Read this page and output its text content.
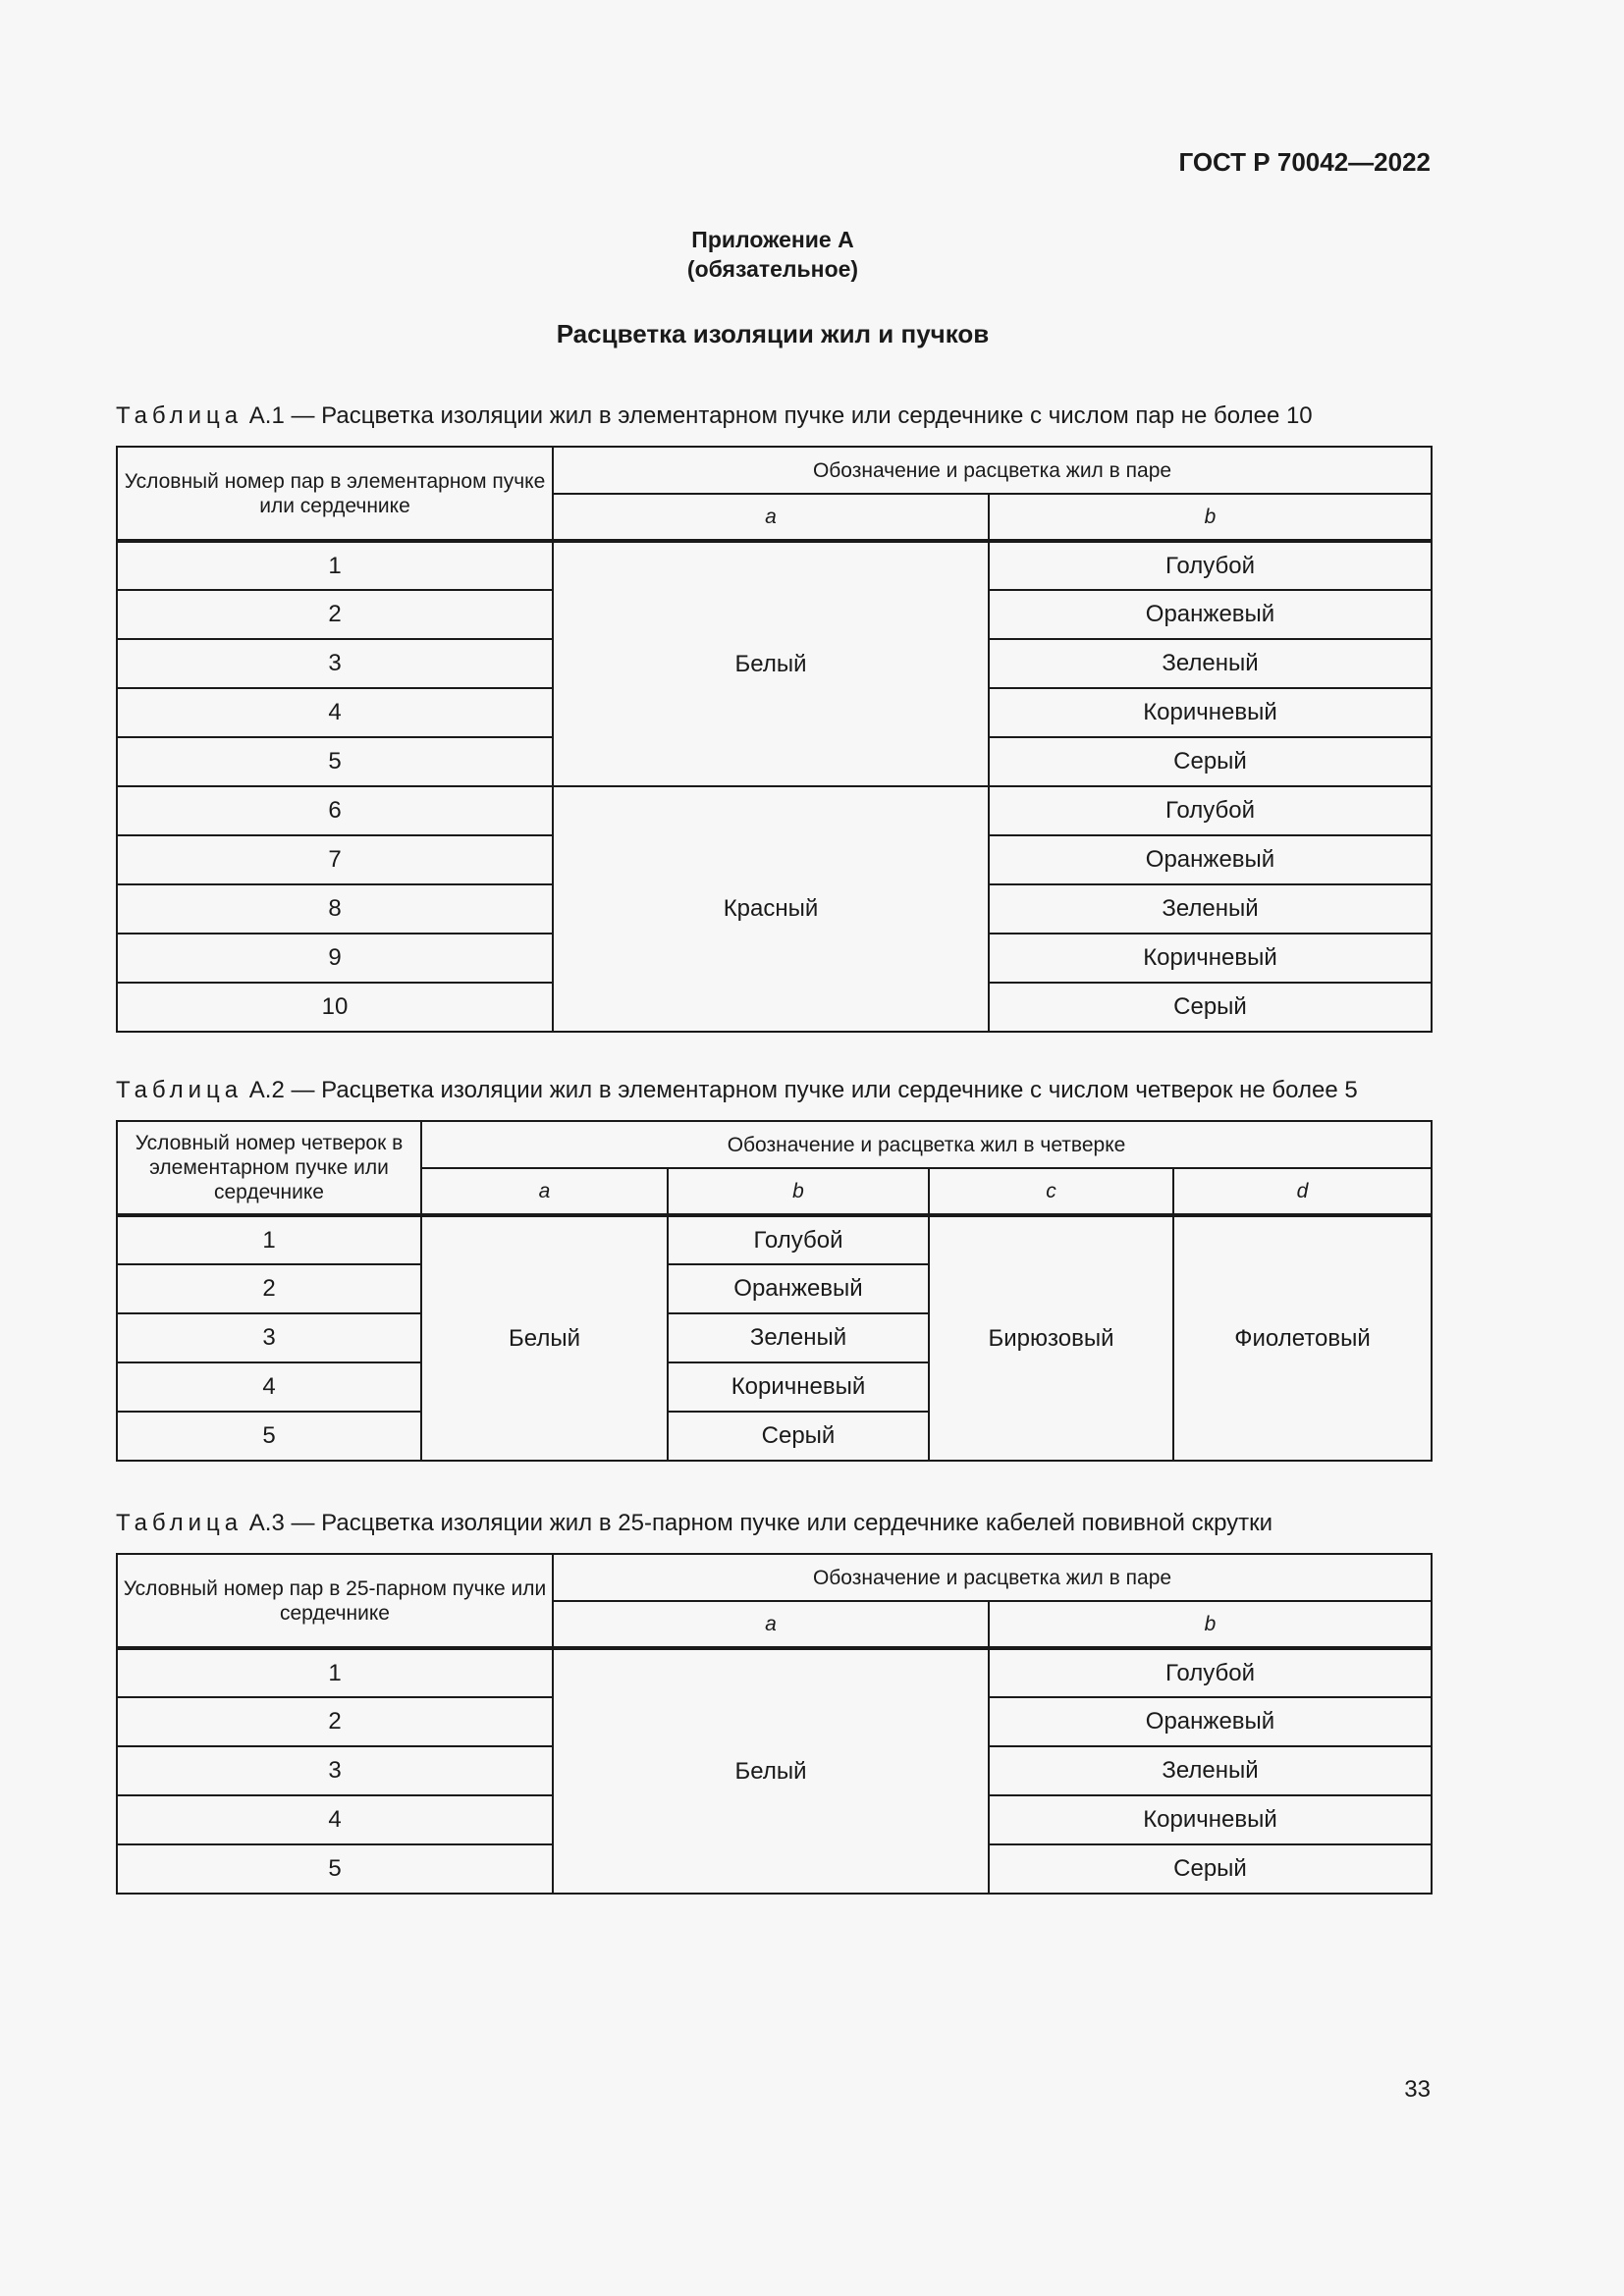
ГОСТ Р 70042—2022
Приложение А
(обязательное)
Расцветка изоляции жил и пучков
Таблица А.1 — Расцветка изоляции жил в элементарном пучке или сердечнике с числом пар не более 10
Условный номер пар в элементарном пучке или сердечнике	Обозначение и расцветка жил в паре	
	a	b
1	Белый	Голубой
2		Оранжевый
3		Зеленый
4		Коричневый
5		Серый
6	Красный	Голубой
7		Оранжевый
8		Зеленый
9		Коричневый
10		Серый
Таблица А.2 — Расцветка изоляции жил в элементарном пучке или сердечнике с числом четверок не более 5
Условный номер четверок в элементарном пучке или сердечнике	Обозначение и расцветка жил в четверке			
	a	b	c	d
1	Белый	Голубой	Бирюзовый	Фиолетовый
2		Оранжевый		
3		Зеленый		
4		Коричневый		
5		Серый		
Таблица А.3 — Расцветка изоляции жил в 25-парном пучке или сердечнике кабелей повивной скрутки
Условный номер пар в 25-парном пучке или сердечнике	Обозначение и расцветка жил в паре	
	a	b
1	Белый	Голубой
2		Оранжевый
3		Зеленый
4		Коричневый
5		Серый
33
